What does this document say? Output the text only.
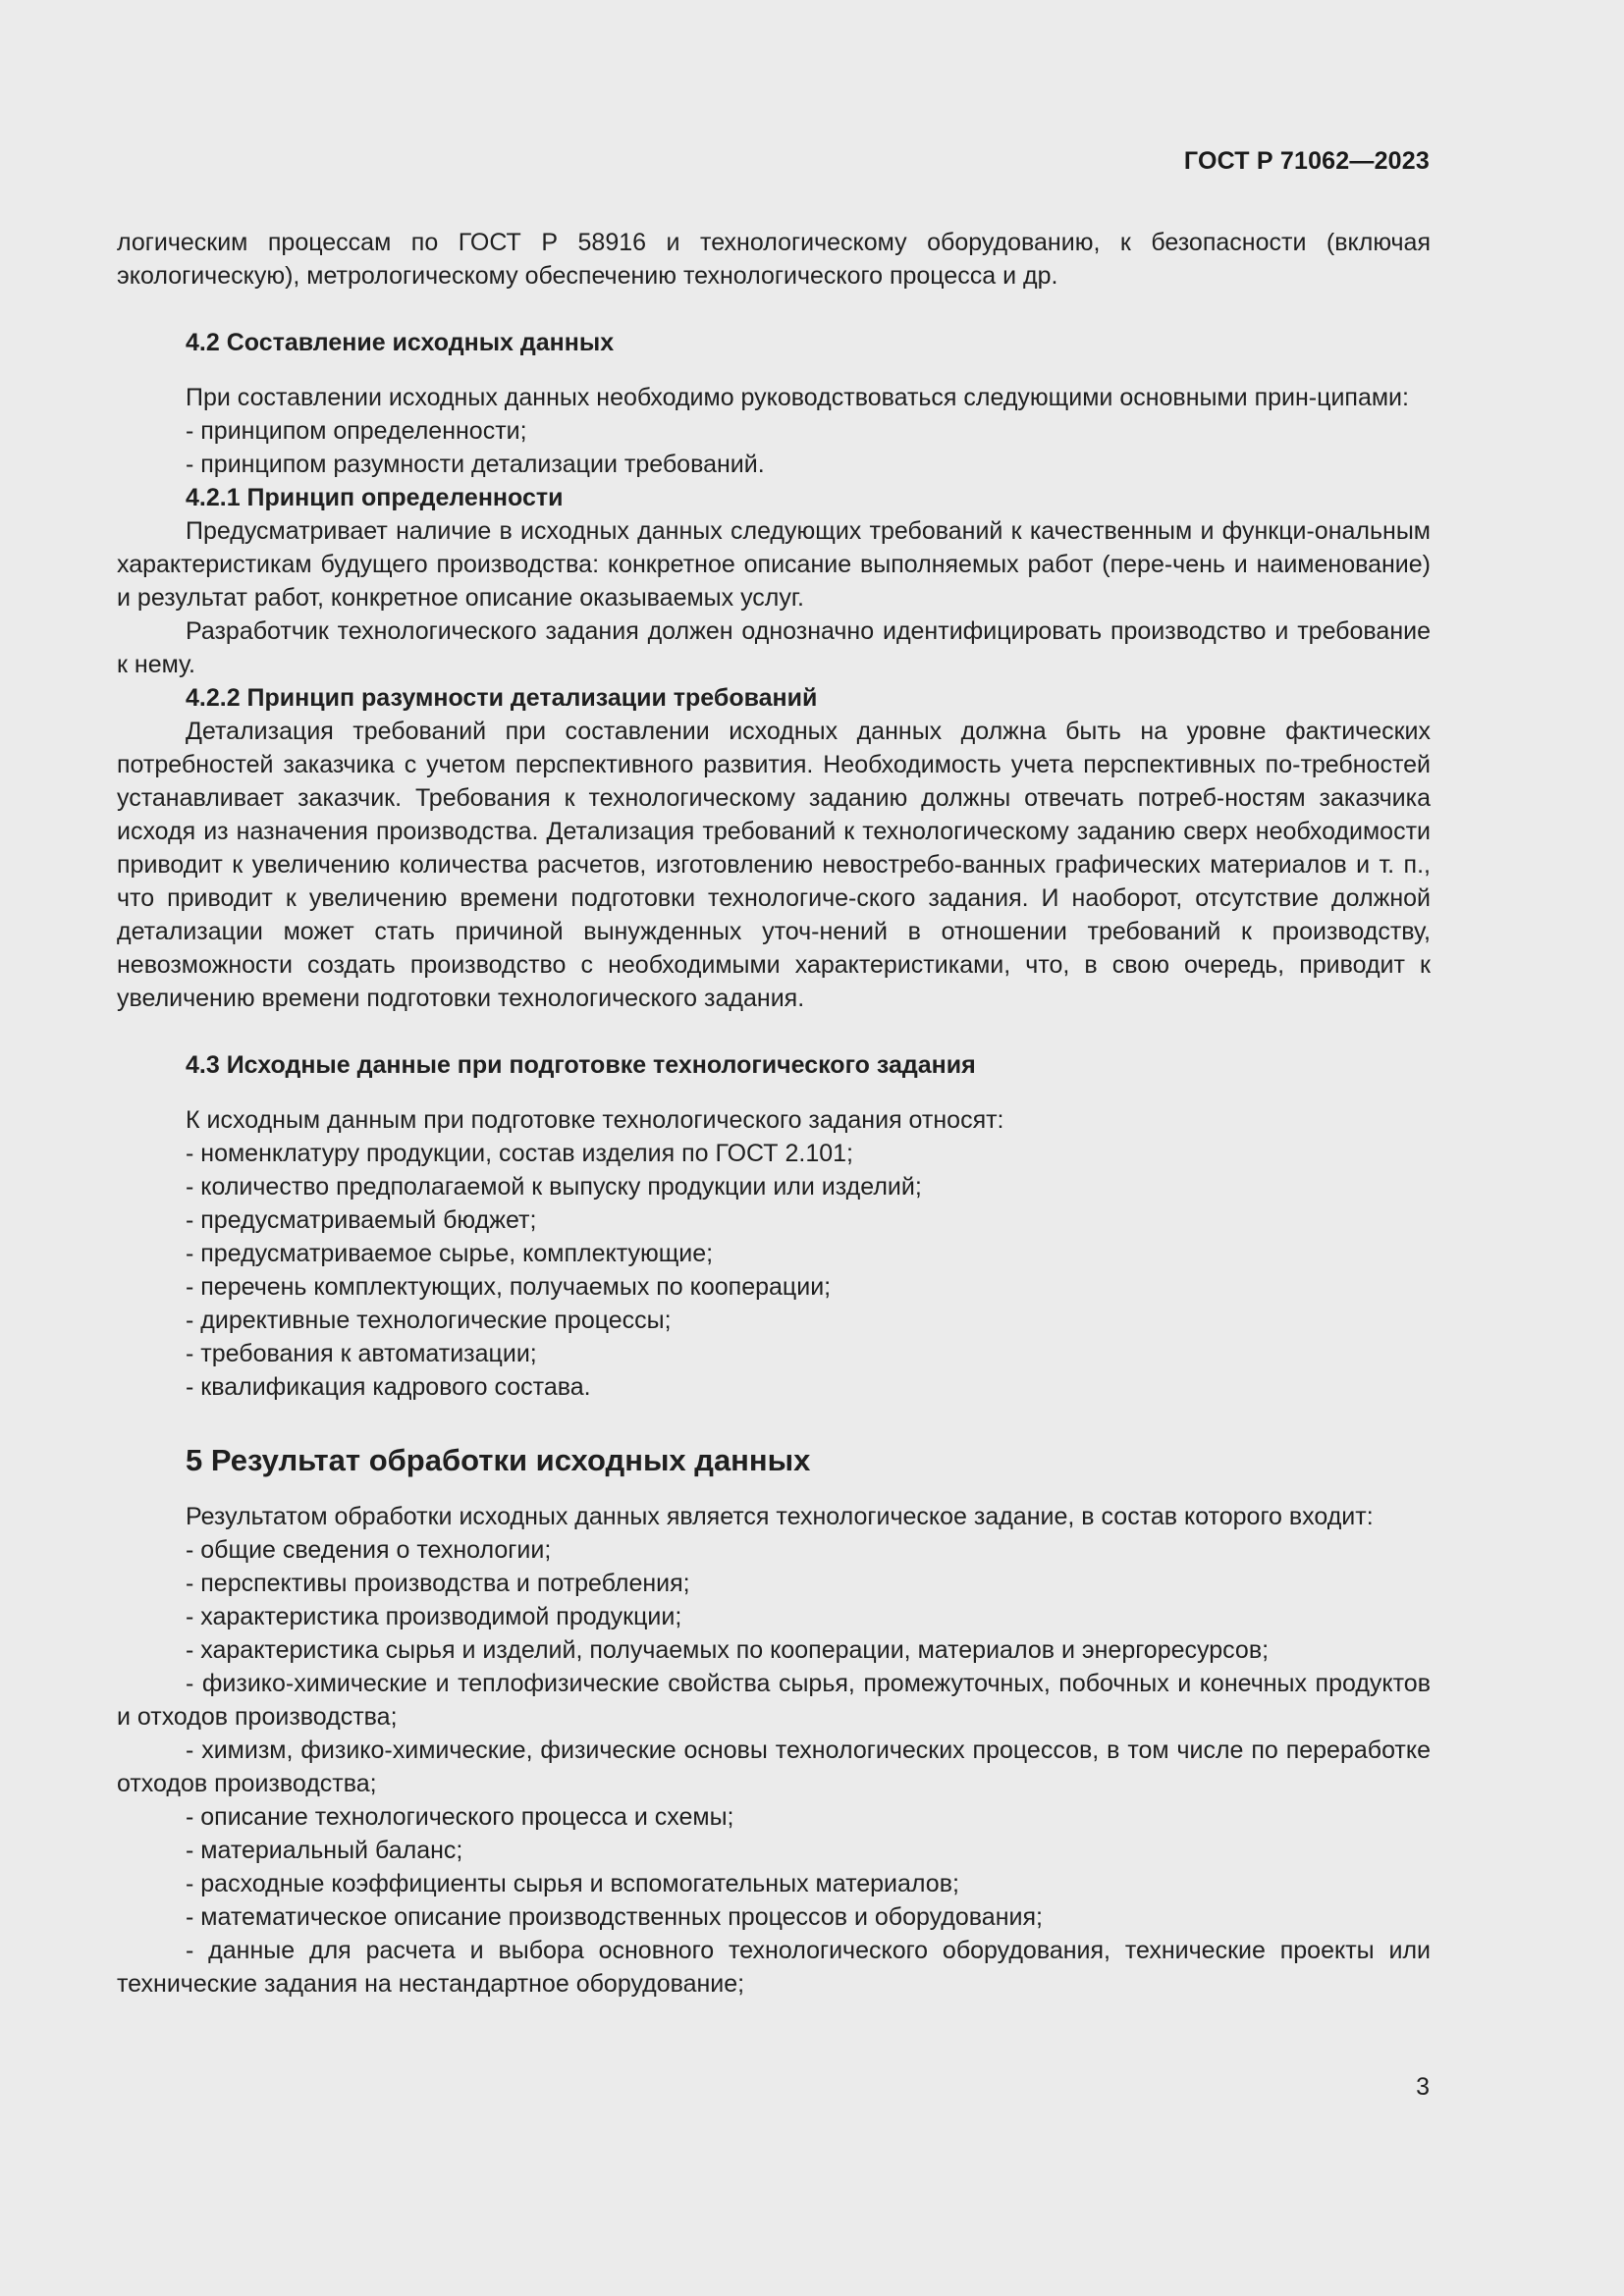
ГОСТ Р 71062—2023

логическим процессам по ГОСТ Р 58916 и технологическому оборудованию, к безопасности (включая экологическую), метрологическому обеспечению технологического процесса и др.

4.2 Составление исходных данных

При составлении исходных данных необходимо руководствоваться следующими основными прин-ципами:

- принципом определенности;

- принципом разумности детализации требований.

4.2.1 Принцип определенности

Предусматривает наличие в исходных данных следующих требований к качественным и функци-ональным характеристикам будущего производства: конкретное описание выполняемых работ (пере-чень и наименование) и результат работ, конкретное описание оказываемых услуг.

Разработчик технологического задания должен однозначно идентифицировать производство и требование к нему.

4.2.2 Принцип разумности детализации требований

Детализация требований при составлении исходных данных должна быть на уровне фактических потребностей заказчика с учетом перспективного развития. Необходимость учета перспективных по-требностей устанавливает заказчик. Требования к технологическому заданию должны отвечать потреб-ностям заказчика исходя из назначения производства. Детализация требований к технологическому заданию сверх необходимости приводит к увеличению количества расчетов, изготовлению невостребо-ванных графических материалов и т. п., что приводит к увеличению времени подготовки технологиче-ского задания. И наоборот, отсутствие должной детализации может стать причиной вынужденных уточ-нений в отношении требований к производству, невозможности создать производство с необходимыми характеристиками, что, в свою очередь, приводит к увеличению времени подготовки технологического задания.

4.3 Исходные данные при подготовке технологического задания

К исходным данным при подготовке технологического задания относят:

- номенклатуру продукции, состав изделия по ГОСТ 2.101;

- количество предполагаемой к выпуску продукции или изделий;

- предусматриваемый бюджет;

- предусматриваемое сырье, комплектующие;

- перечень комплектующих, получаемых по кооперации;

- директивные технологические процессы;

- требования к автоматизации;

- квалификация кадрового состава.

5 Результат обработки исходных данных

Результатом обработки исходных данных является технологическое задание, в состав которого входит:

- общие сведения о технологии;

- перспективы производства и потребления;

- характеристика производимой продукции;

- характеристика сырья и изделий, получаемых по кооперации, материалов и энергоресурсов;

- физико-химические и теплофизические свойства сырья, промежуточных, побочных и конечных продуктов и отходов производства;

- химизм, физико-химические, физические основы технологических процессов, в том числе по переработке отходов производства;

- описание технологического процесса и схемы;

- материальный баланс;

- расходные коэффициенты сырья и вспомогательных материалов;

- математическое описание производственных процессов и оборудования;

- данные для расчета и выбора основного технологического оборудования, технические проекты или технические задания на нестандартное оборудование;

3
